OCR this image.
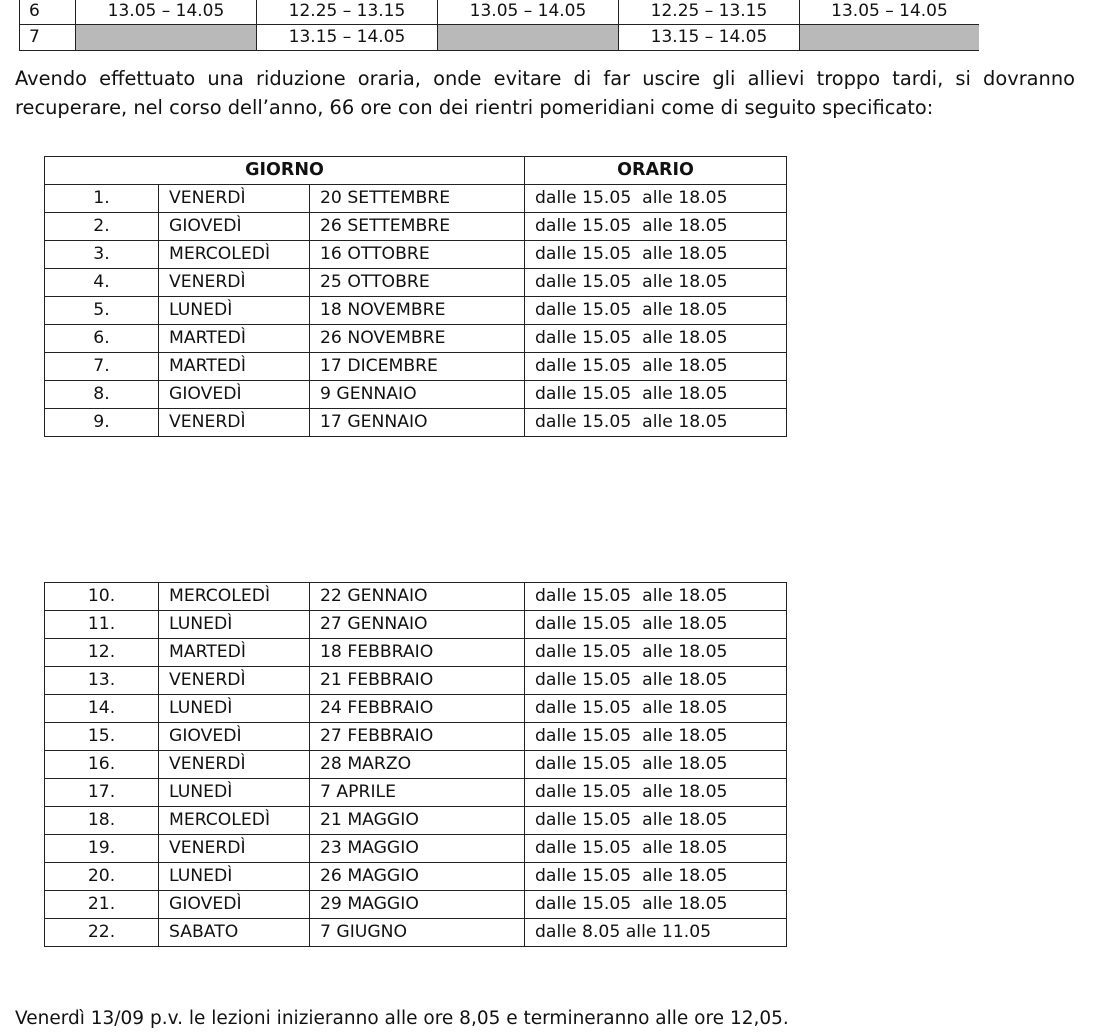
6	13.05 – 14.05	12.25 – 13.15	13.05 – 14.05	12.25 – 13.15	13.05 – 14.05
7		13.15 – 14.05		13.15 – 14.05	

Avendo effettuato una riduzione oraria, onde evitare di far uscire gli allievi troppo tardi, si dovranno recuperare, nel corso dell’anno, 66 ore con dei rientri pomeridiani come di seguito specificato:

GIORNO			ORARIO
1.	VENERDÌ	20 SETTEMBRE	dalle 15.05  alle 18.05
2.	GIOVEDÌ	26 SETTEMBRE	dalle 15.05  alle 18.05
3.	MERCOLEDÌ	16 OTTOBRE	dalle 15.05  alle 18.05
4.	VENERDÌ	25 OTTOBRE	dalle 15.05  alle 18.05
5.	LUNEDÌ	18 NOVEMBRE	dalle 15.05  alle 18.05
6.	MARTEDÌ	26 NOVEMBRE	dalle 15.05  alle 18.05
7.	MARTEDÌ	17 DICEMBRE	dalle 15.05  alle 18.05
8.	GIOVEDÌ	9 GENNAIO	dalle 15.05  alle 18.05
9.	VENERDÌ	17 GENNAIO	dalle 15.05  alle 18.05
10.	MERCOLEDÌ	22 GENNAIO	dalle 15.05  alle 18.05
11.	LUNEDÌ	27 GENNAIO	dalle 15.05  alle 18.05
12.	MARTEDÌ	18 FEBBRAIO	dalle 15.05  alle 18.05
13.	VENERDÌ	21 FEBBRAIO	dalle 15.05  alle 18.05
14.	LUNEDÌ	24 FEBBRAIO	dalle 15.05  alle 18.05
15.	GIOVEDÌ	27 FEBBRAIO	dalle 15.05  alle 18.05
16.	VENERDÌ	28 MARZO	dalle 15.05  alle 18.05
17.	LUNEDÌ	7 APRILE	dalle 15.05  alle 18.05
18.	MERCOLEDÌ	21 MAGGIO	dalle 15.05  alle 18.05
19.	VENERDÌ	23 MAGGIO	dalle 15.05  alle 18.05
20.	LUNEDÌ	26 MAGGIO	dalle 15.05  alle 18.05
21.	GIOVEDÌ	29 MAGGIO	dalle 15.05  alle 18.05
22.	SABATO	7 GIUGNO	dalle 8.05 alle 11.05

Venerdì 13/09 p.v. le lezioni inizieranno alle ore 8,05 e termineranno alle ore 12,05.
